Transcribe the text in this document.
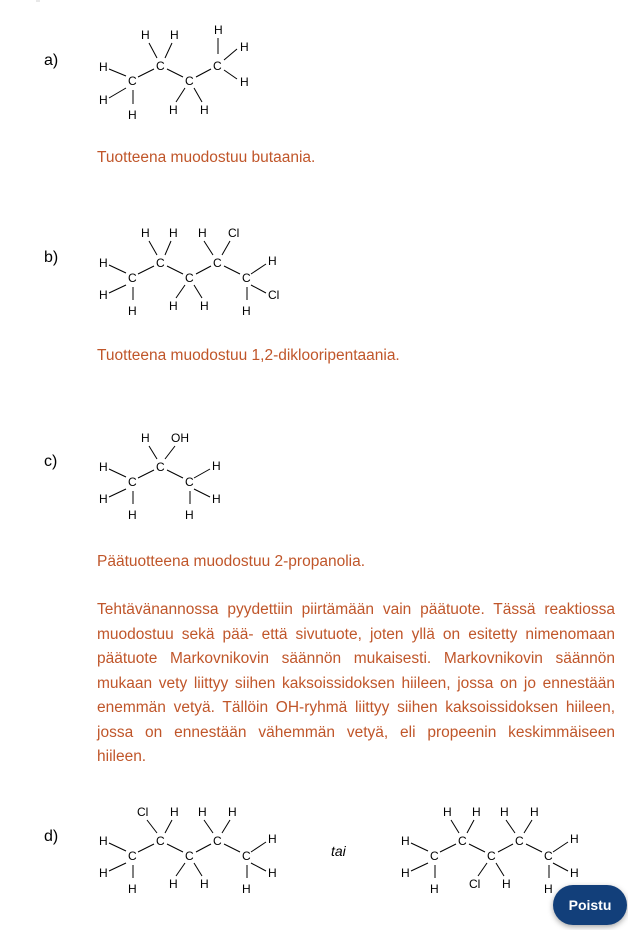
a)
C
C
C
C
H
H
H
H H
H H
H
H
H
Tuotteena muodostuu butaania.
b)
C
C
C
C
C
H
H
H
H H
H H
H Cl
H
Cl
H
Tuotteena muodostuu 1,2-diklooripentaania.
c)
C
C
C
H
H
H
H OH
H
H
H
Päätuotteena muodostuu 2-propanolia.
Tehtävänannossa pyydettiin piirtämään vain päätuote. Tässä reaktiossa muodostuu sekä pää- että sivutuote, joten yllä on esitetty nimenomaan päätuote Markovnikovin säännön mukaisesti. Markovnikovin säännön mukaan vety liittyy siihen kaksoissidoksen hiileen, jossa on jo ennestään enemmän vetyä. Tällöin OH-ryhmä liittyy siihen kaksoissidoksen hiileen, jossa on ennestään vähemmän vetyä, eli propeenin keskimmäiseen hiileen.
d)
C
C
C
C
C
H
H
H
Cl H
H H
H H
H
H
H
tai	C
C
C
C
C
H
H
H
H H
Cl H
H H
H
H
H
Poistu
